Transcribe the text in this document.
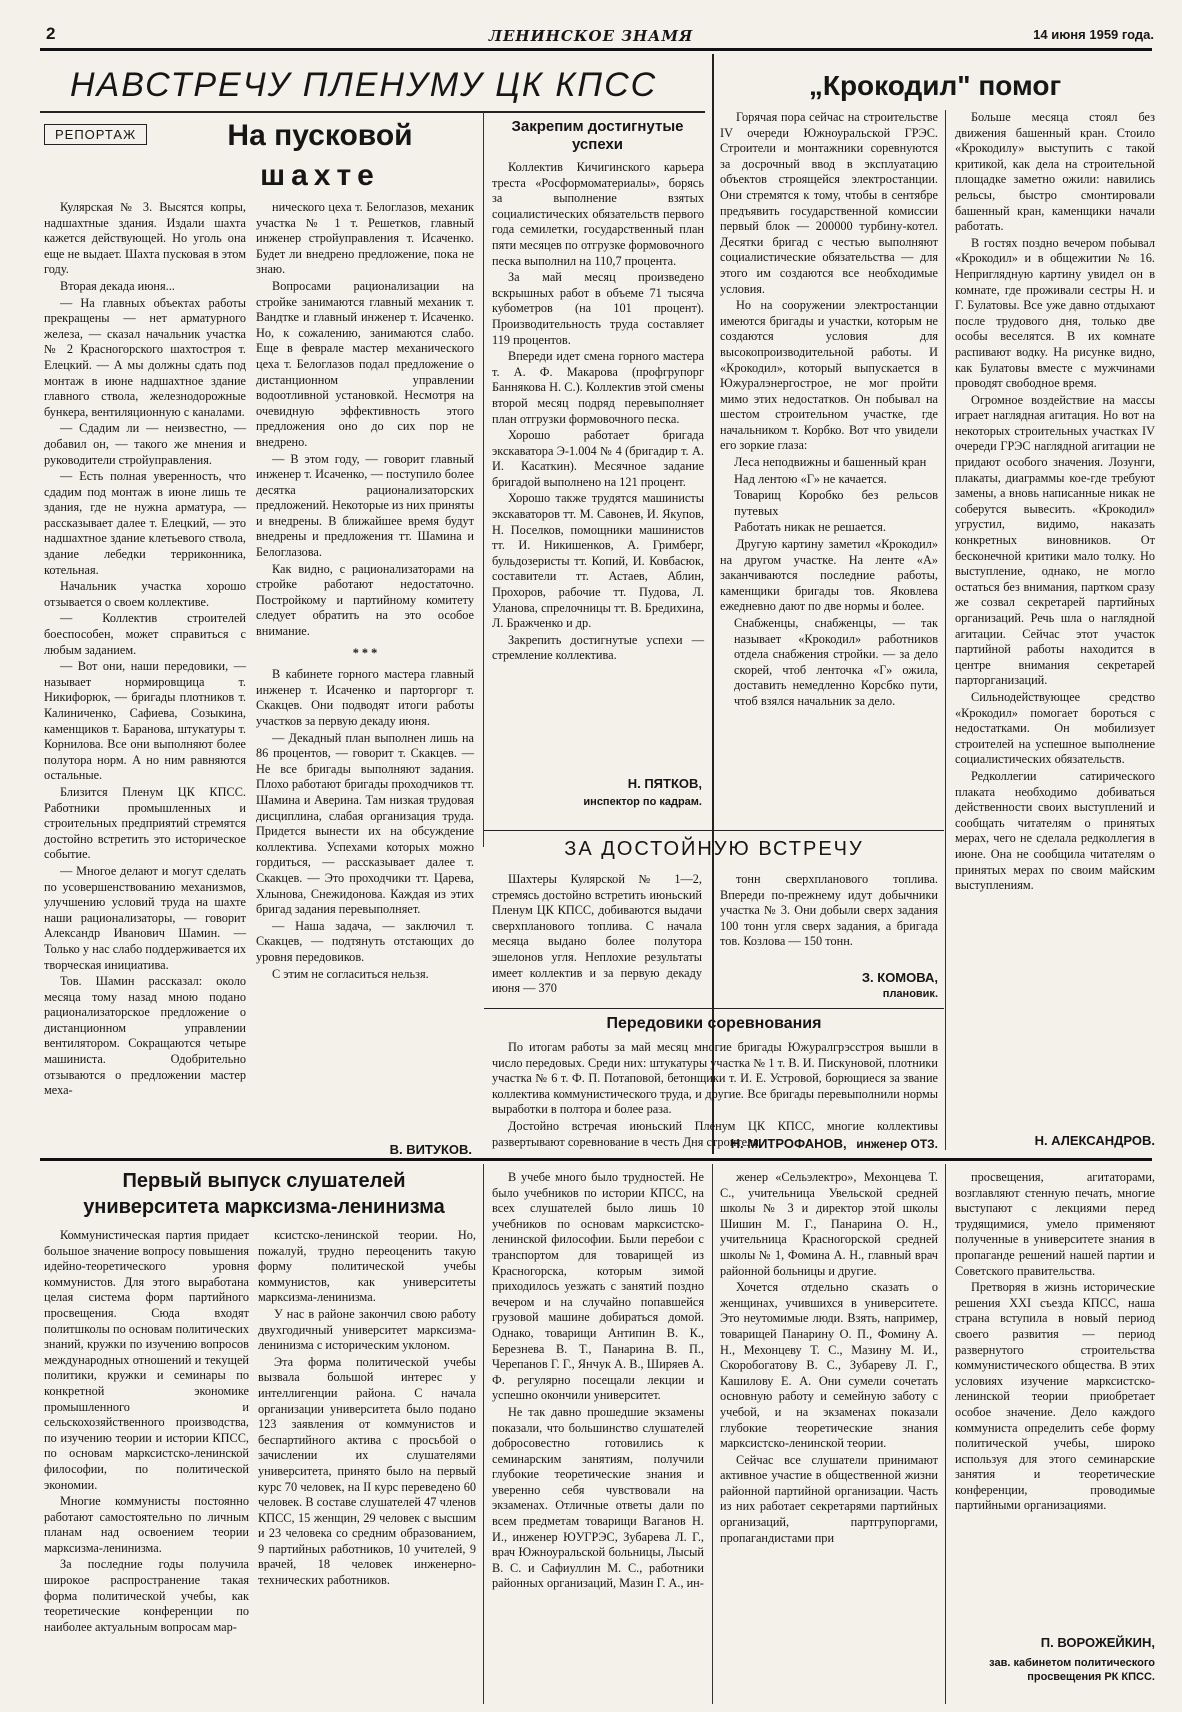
2	ЛЕНИНСКОЕ ЗНАМЯ	14 июня 1959 года.
НАВСТРЕЧУ ПЛЕНУМУ ЦК КПСС
РЕПОРТАЖ	На пусковой
шахте

Кулярская № 3. Высятся копры, надшахтные здания. Издали шахта кажется действующей. Но уголь она еще не выдает. Шахта пусковая в этом году.

Вторая декада июня...

— На главных объектах работы прекращены — нет арматурного железа, — сказал начальник участка № 2 Красногорского шахтостроя т. Елецкий. — А мы должны сдать под монтаж в июне надшахтное здание главного ствола, железнодорожные бункера, вентиляционную с каналами.

— Сдадим ли — неизвестно, — добавил он, — такого же мнения и руководители стройуправления.

— Есть полная уверенность, что сдадим под монтаж в июне лишь те здания, где не нужна арматура, — рассказывает далее т. Елецкий, — это надшахтное здание клетьевого ствола, здание лебедки терриконника, котельная.

Начальник участка хорошо отзывается о своем коллективе.

— Коллектив строителей боеспособен, может справиться с любым заданием.

— Вот они, наши передовики, — называет нормировщица т. Никифорюк, — бригады плотников т. Калиниченко, Сафиева, Созыкина, каменщиков т. Баранова, штукатуры т. Корнилова. Все они выполняют более полутора норм. А но ним равняются остальные.

Близится Пленум ЦК КПСС. Работники промышленных и строительных предприятий стремятся достойно встретить это историческое событие.

— Многое делают и могут сделать по усовершенствованию механизмов, улучшению условий труда на шахте наши рационализаторы, — говорит Александр Иванович Шамин. — Только у нас слабо поддерживается их творческая инициатива.

Тов. Шамин рассказал: около месяца тому назад мною подано рационализаторское предложение о дистанционном управлении вентилятором. Сокращаются четыре машиниста. Одобрительно отзываются о предложении мастер меха-

нического цеха т. Белоглазов, механик участка № 1 т. Решетков, главный инженер стройуправления т. Исаченко. Будет ли внедрено предложение, пока не знаю.

Вопросами рационализации на стройке занимаются главный механик т. Вандтке и главный инженер т. Исаченко. Но, к сожалению, занимаются слабо. Еще в феврале мастер механического цеха т. Белоглазов подал предложение о дистанционном управлении водоотливной установкой. Несмотря на очевидную эффективность этого предложения оно до сих пор не внедрено.

— В этом году, — говорит главный инженер т. Исаченко, — поступило более десятка рационализаторских предложений. Некоторые из них приняты и внедрены. В ближайшее время будут внедрены и предложения тт. Шамина и Белоглазова.

Как видно, с рационализаторами на стройке работают недостаточно. Постройкому и партийному комитету следует обратить на это особое внимание.

* * *

В кабинете горного мастера главный инженер т. Исаченко и парторгорг т. Скакцев. Они подводят итоги работы участков за первую декаду июня.

— Декадный план выполнен лишь на 86 процентов, — говорит т. Скакцев. — Не все бригады выполняют задания. Плохо работают бригады проходчиков тт. Шамина и Аверина. Там низкая трудовая дисциплина, слабая организация труда. Придется вынести их на обсуждение коллектива. Успехами которых можно гордиться, — рассказывает далее т. Скакцев. — Это проходчики тт. Царева, Хлынова, Снежидонова. Каждая из этих бригад задания перевыполняет.

— Наша задача, — заключил т. Скакцев, — подтянуть отстающих до уровня передовиков.

С этим не согласиться нельзя.

В. ВИТУКОВ.
Закрепим достигнутые
успехи

Коллектив Кичигинского карьера треста «Росформоматериалы», борясь за выполнение взятых социалистических обязательств первого года семилетки, государственный план пяти месяцев по отгрузке формовочного песка выполнил на 110,7 процента.

За май месяц произведено вскрышных работ в объеме 71 тысяча кубометров (на 101 процент). Производительность труда составляет 119 процентов.

Впереди идет смена горного мастера т. А. Ф. Макарова (профгрупорг Баннякова Н. С.). Коллектив этой смены второй месяц подряд перевыполняет план отгрузки формовочного песка.

Хорошо работает бригада экскаватора Э-1.004 № 4 (бригадир т. А. И. Касаткин). Месячное задание бригадой выполнено на 121 процент.

Хорошо также трудятся машинисты экскаваторов тт. М. Савонев, И. Якупов, Н. Поселков, помощники машинистов тт. И. Никишенков, А. Гримберг, бульдозеристы тт. Копий, И. Ковбасюк, составители тт. Астаев, Аблин, Прохоров, рабочие тт. Пудова, Л. Уланова, спрелочницы тт. В. Бредихина, Л. Бражченко и др.

Закрепить достигнутые успехи — стремление коллектива.

Н. ПЯТКОВ,
инспектор по кадрам.
„Крокодил" помог

Горячая пора сейчас на строительстве IV очереди Южноуральской ГРЭС. Строители и монтажники соревнуются за досрочный ввод в эксплуатацию объектов строящейся электростанции. Они стремятся к тому, чтобы в сентябре предъявить государственной комиссии первый блок — 200000 турбину-котел. Десятки бригад с честью выполняют социалистические обязательства — для этого им создаются все необходимые условия.

Но на сооружении электростанции имеются бригады и участки, которым не создаются условия для высокопроизводительной работы. И «Крокодил», который выпускается в Южуралэнергострое, не мог пройти мимо этих недостатков. Он побывал на шестом строительном участке, где начальником т. Корбко. Вот что увидели его зоркие глаза:

Леса неподвижны и башенный кран

Над лентою «Г» не качается.

Товарищ Коробко без рельсов путевых

Работать никак не решается.

Другую картину заметил «Крокодил» на другом участке. На ленте «А» заканчиваются последние работы, каменщики бригады тов. Яковлева ежедневно дают по две нормы и более.

Снабженцы, снабженцы, — так называет «Крокодил» работников отдела снабжения стройки. — за дело скорей, чтоб ленточка «Г» ожила, доставить немедленно Корсбко пути, чтоб взялся начальник за дело.

Больше месяца стоял без движения башенный кран. Стоило «Крокодилу» выступить с такой критикой, как дела на строительной площадке заметно ожили: навились рельсы, быстро смонтировали башенный кран, каменщики начали работать.

В гостях поздно вечером побывал «Крокодил» и в общежитии № 16. Неприглядную картину увидел он в комнате, где проживали сестры Н. и Г. Булатовы. Все уже давно отдыхают после трудового дня, только две особы веселятся. В их комнате распивают водку. На рисунке видно, как Булатовы вместе с мужчинами проводят свободное время.

Огромное воздействие на массы играет наглядная агитация. Но вот на некоторых строительных участках IV очереди ГРЭС наглядной агитации не придают особого значения. Лозунги, плакаты, диаграммы кое-где требуют замены, а вновь написанные никак не соберутся вывесить. «Крокодил» угрустил, видимо, наказать конкретных виновников. От бесконечной критики мало толку. Но выступление, однако, не могло остаться без внимания, партком сразу же созвал секретарей партийных организаций. Речь шла о наглядной агитации. Сейчас этот участок партийной работы находится в центре внимания секретарей парторганизаций.

Сильнодействующее средство «Крокодил» помогает бороться с недостатками. Он мобилизует строителей на успешное выполнение социалистических обязательств.

Редколлегии сатирического плаката необходимо добиваться действенности своих выступлений и сообщать читателям о принятых мерах, чего не сделала редколлегия в июне. Она не сообщила читателям о принятых мерах по своим майским выступлениям.

Н. АЛЕКСАНДРОВ.
ЗА ДОСТОЙНУЮ ВСТРЕЧУ
Шахтеры Кулярской № 1—2, стремясь достойно встретить июньский Пленум ЦК КПСС, добиваются выдачи сверхпланового топлива. С начала месяца выдано более полутора эшелонов угля. Неплохие результаты имеет коллектив и за первую декаду июня — 370
тонн сверхпланового топлива. Впереди по-прежнему идут добычники участка № 3. Они добыли сверх задания 100 тонн угля сверх задания, а бригада тов. Козлова — 150 тонн.
З. КОМОВА,
плановик.
Передовики соревнования

По итогам работы за май месяц многие бригады Южуралгрэсстроя вышли в число передовых. Среди них: штукатуры участка № 1 т. В. И. Пискуновой, плотники участка № 6 т. Ф. П. Потаповой, бетонщики т. И. Е. Устровой, борющиеся за звание коллектива коммунистического труда, и другие. Все бригады перевыполнили нормы выработки в полтора и более раза.

Достойно встречая июньский Пленум ЦК КПСС, многие коллективы развертывают соревнование в честь Дня строителя.

Н. МИТРОФАНОВ, инженер ОТЗ.
Первый выпуск слушателей
университета марксизма-ленинизма

Коммунистическая партия придает большое значение вопросу повышения идейно-теоретического уровня коммунистов. Для этого выработана целая система форм партийного просвещения. Сюда входят политшколы по основам политических знаний, кружки по изучению вопросов международных отношений и текущей политики, кружки и семинары по конкретной экономике промышленного и сельскохозяйственного производства, по изучению теории и истории КПСС, по основам марксистско-ленинской философии, по политической экономии.

Многие коммунисты постоянно работают самостоятельно по личным планам над освоением теории марксизма-ленинизма.

За последние годы получила широкое распространение такая форма политической учебы, как теоретические конференции по наиболее актуальным вопросам мар-

ксистско-ленинской теории. Но, пожалуй, трудно переоценить такую форму политической учебы коммунистов, как университеты марксизма-ленинизма.

У нас в районе закончил свою работу двухгодичный университет марксизма-ленинизма с историческим уклоном.

Эта форма политической учебы вызвала большой интерес у интеллигенции района. С начала организации университета было подано 123 заявления от коммунистов и беспартийного актива с просьбой о зачислении их слушателями университета, принято было на первый курс 70 человек, на II курс переведено 60 человек. В составе слушателей 47 членов КПСС, 15 женщин, 29 человек с высшим и 23 человека со средним образованием, 9 партийных работников, 10 учителей, 9 врачей, 18 человек инженерно-технических работников.

В учебе много было трудностей. Не было учебников по истории КПСС, на всех слушателей было лишь 10 учебников по основам марксистско-ленинской философии. Были перебои с транспортом для товарищей из Красногорска, которым зимой приходилось уезжать с занятий поздно вечером и на случайно попавшейся грузовой машине добираться домой. Однако, товарищи Антипин В. К., Березнева В. Т., Панарина В. П., Черепанов Г. Г., Янчук А. В., Ширяев А. Ф. регулярно посещали лекции и успешно окончили университет.

Не так давно прошедшие экзамены показали, что большинство слушателей добросовестно готовились к семинарским занятиям, получили глубокие теоретические знания и уверенно себя чувствовали на экзаменах. Отличные ответы дали по всем предметам товарищи Ваганов Н. И., инженер ЮУГРЭС, Зубарева Л. Г., врач Южноуральской больницы, Лысый В. С. и Сафиуллин М. С., работники районных организаций, Мазин Г. А., ин-

женер «Сельэлектро», Мехонцева Т. С., учительница Увельской средней школы № 3 и директор этой школы Шишин М. Г., Панарина О. Н., учительница Красногорской средней школы № 1, Фомина А. Н., главный врач районной больницы и другие.

Хочется отдельно сказать о женщинах, учившихся в университете. Это неутомимые люди. Взять, например, товарищей Панарину О. П., Фомину А. Н., Мехонцеву Т. С., Мазину М. И., Скоробогатову В. С., Зубареву Л. Г., Кашилову Е. А. Они сумели сочетать основную работу и семейную заботу с учебой, и на экзаменах показали глубокие теоретические знания марксистско-ленинской теории.

Сейчас все слушатели принимают активное участие в общественной жизни районной партийной организации. Часть из них работает секретарями партийных организаций, партгрупоргами, пропагандистами при

просвещения, агитаторами, возглавляют стенную печать, многие выступают с лекциями перед трудящимися, умело применяют полученные в университете знания в пропаганде решений нашей партии и Советского правительства.

Претворяя в жизнь исторические решения XXI съезда КПСС, наша страна вступила в новый период своего развития — период развернутого строительства коммунистического общества. В этих условиях изучение марксистско-ленинской теории приобретает особое значение. Дело каждого коммуниста определить себе форму политической учебы, широко используя для этого семинарские занятия и теоретические конференции, проводимые партийными организациями.

П. ВОРОЖЕЙКИН,
зав. кабинетом политического просвещения РК КПСС.
